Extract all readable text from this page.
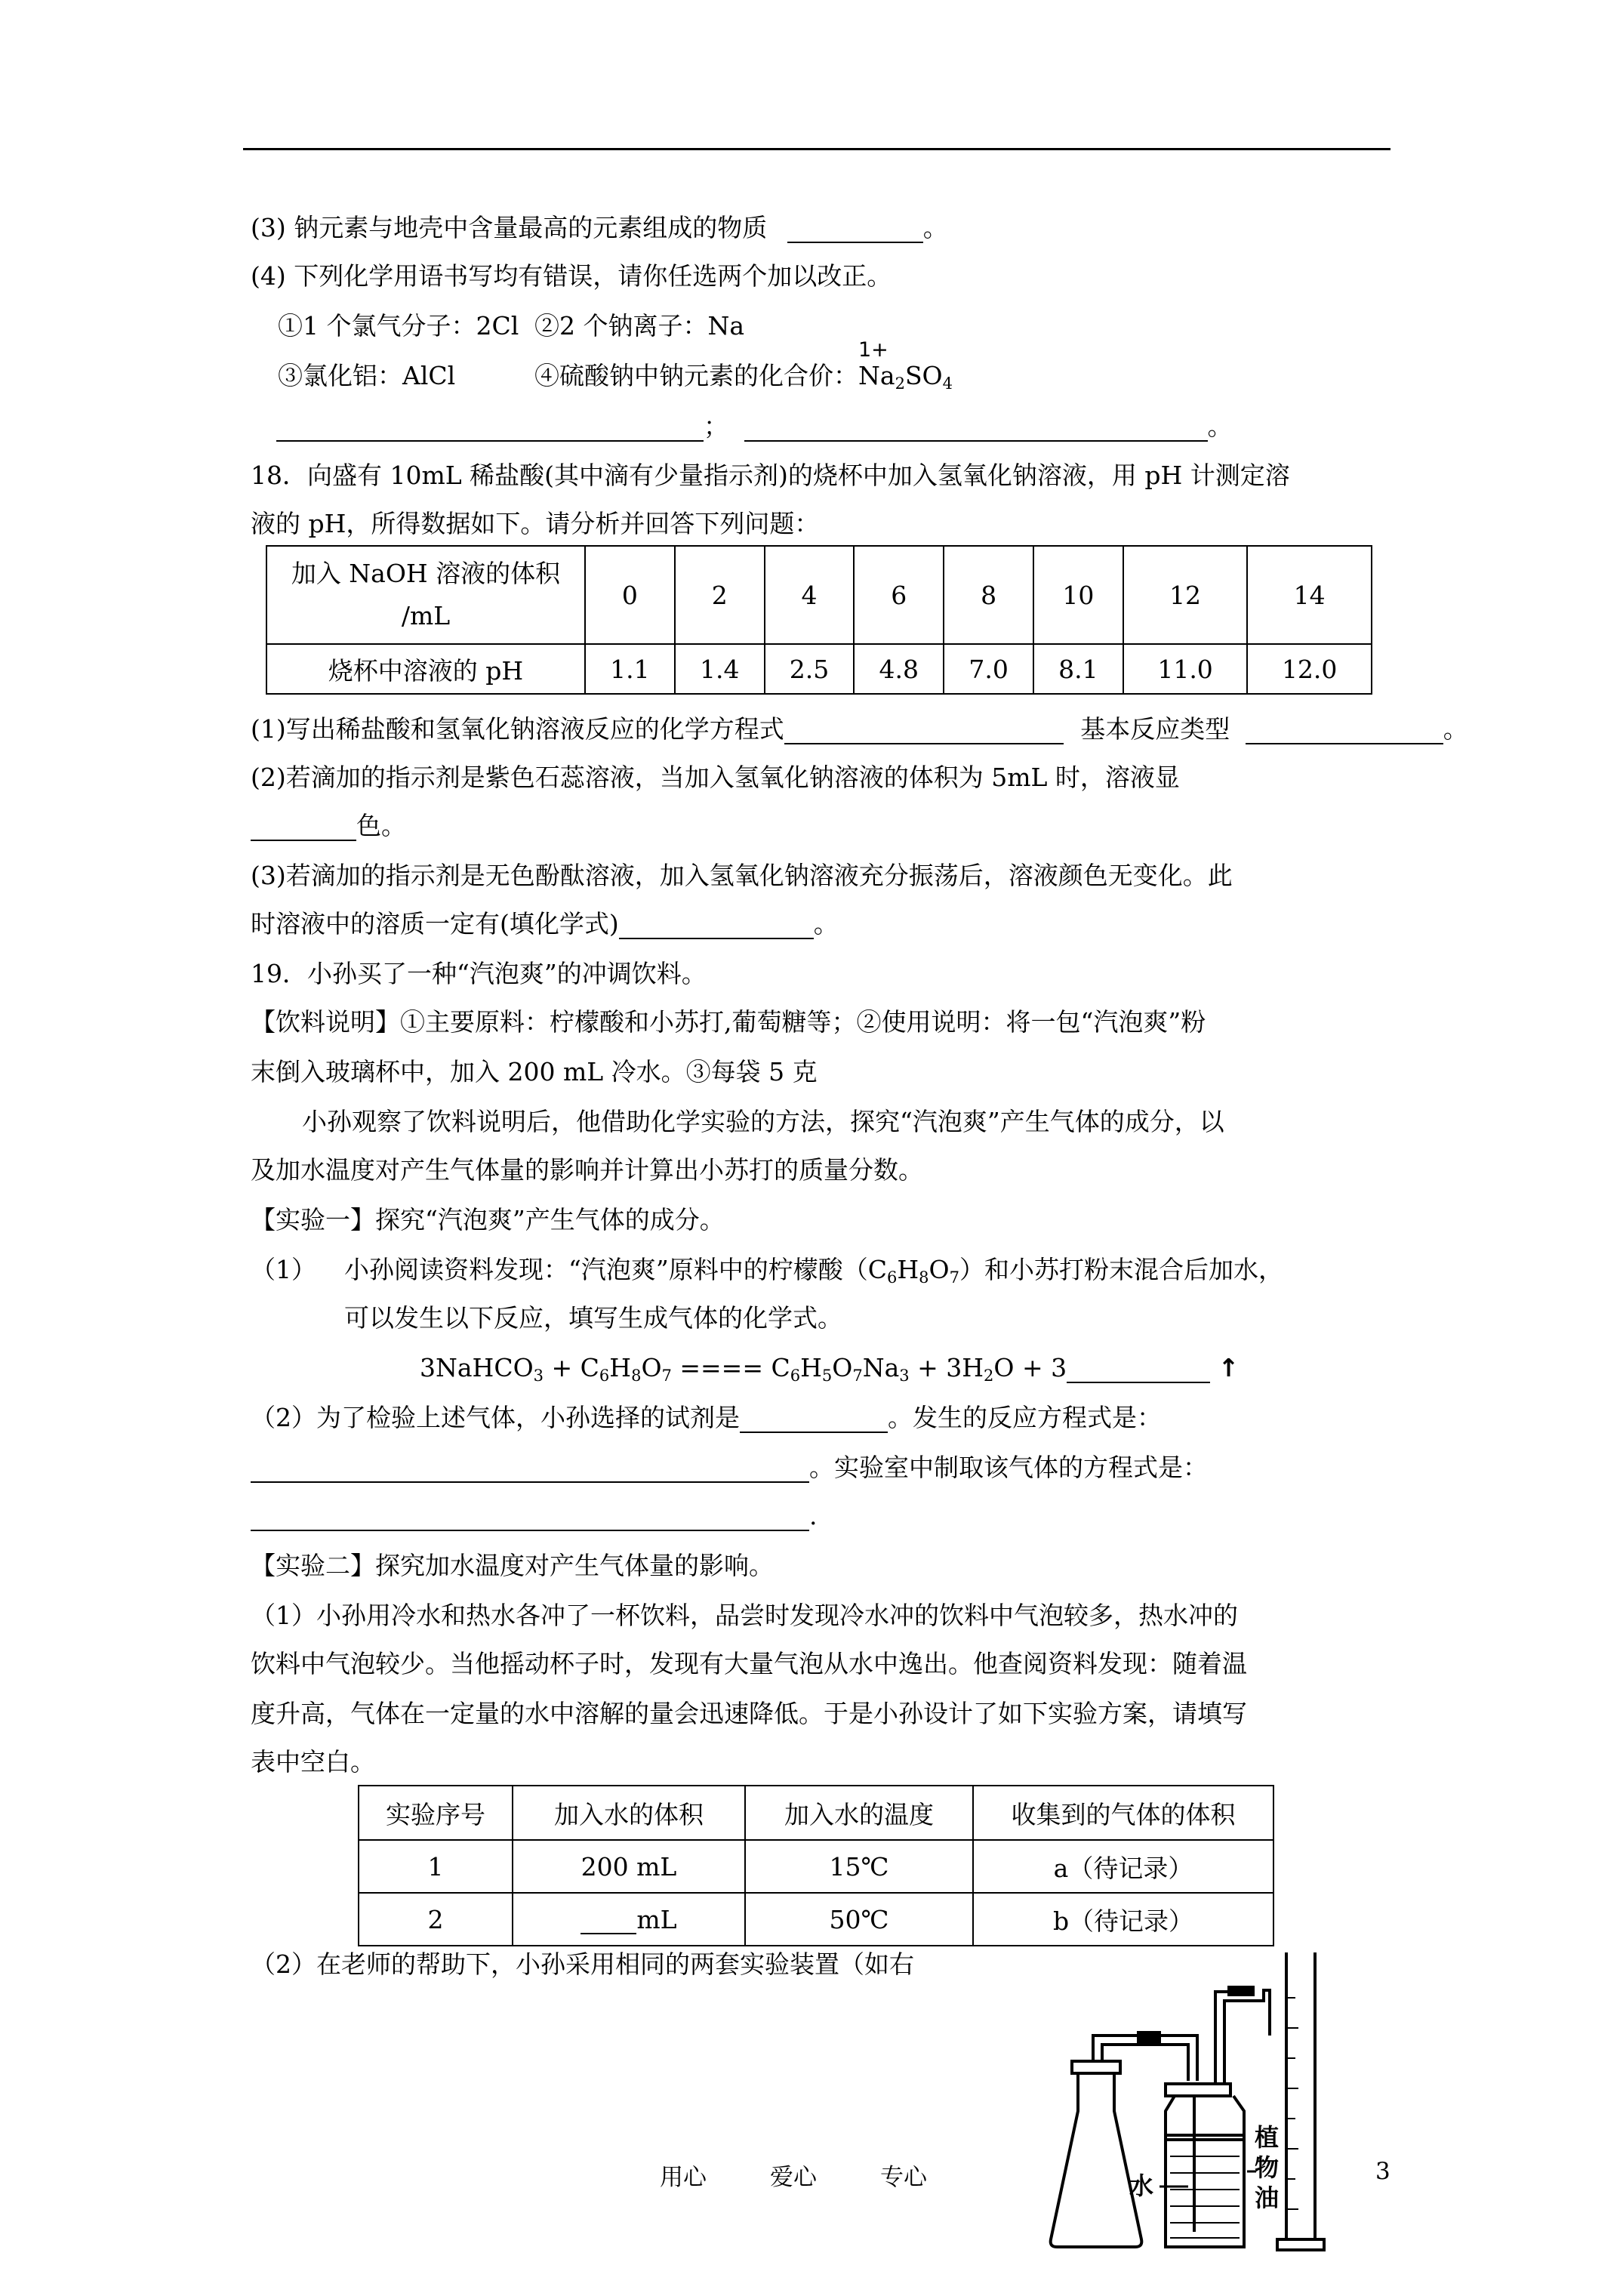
(3) 钠元素与地壳中含量最高的元素组成的物质	。
(4) 下列化学用语书写均有错误，请你任选两个加以改正。
①1 个氯气分子：2Cl ②2 个钠离子：Na
③氯化铝：AlCl	④硫酸钠中钠元素的化合价：
1+
$Na_2SO_4$
；	。
18．向盛有 10mL 稀盐酸(其中滴有少量指示剂)的烧杯中加入氢氧化钠溶液，用 pH 计测定溶
液的 pH，所得数据如下。请分析并回答下列问题：
加入 NaOH 溶液的体积
/mL	0	2	4	6	8	10	12	14
烧杯中溶液的 pH	1.1	1.4	2.5	4.8	7.0	8.1	11.0	12.0
(1)写出稀盐酸和氢氧化钠溶液反应的化学方程式	基本反应类型	。
(2)若滴加的指示剂是紫色石蕊溶液，当加入氢氧化钠溶液的体积为 5mL 时，溶液显
色。
(3)若滴加的指示剂是无色酚酞溶液，加入氢氧化钠溶液充分振荡后，溶液颜色无变化。此
时溶液中的溶质一定有(填化学式)	。
19．小孙买了一种“汽泡爽”的冲调饮料。
【饮料说明】①主要原料：柠檬酸和小苏打,葡萄糖等；②使用说明：将一包“汽泡爽”粉
末倒入玻璃杯中，加入 200 mL 冷水。③每袋 5 克
小孙观察了饮料说明后，他借助化学实验的方法，探究“汽泡爽”产生气体的成分，以
及加水温度对产生气体量的影响并计算出小苏打的质量分数。
【实验一】探究“汽泡爽”产生气体的成分。
（1） 小孙阅读资料发现：“汽泡爽”原料中的柠檬酸$(C_6H_8O_7)$和小苏打粉末混合后加水，
可以发生以下反应，填写生成气体的化学式。
3NaHCO$_3$ + $C_6H_8O_7$ ==== $C_6H_5O_7Na_3 + 3H_2O + 3$	↑
（2）为了检验上述气体，小孙选择的试剂是	。发生的反应方程式是：
。实验室中制取该气体的方程式是：
.
【实验二】探究加水温度对产生气体量的影响。
（1）小孙用冷水和热水各冲了一杯饮料，品尝时发现冷水冲的饮料中气泡较多，热水冲的
饮料中气泡较少。当他摇动杯子时，发现有大量气泡从水中逸出。他查阅资料发现：随着温
度升高，气体在一定量的水中溶解的量会迅速降低。于是小孙设计了如下实验方案，请填写
表中空白。
实验序号	加入水的体积	加入水的温度	收集到的气体的体积
1	200 mL	15℃	a（待记录）
2	mL	50℃	b（待记录）
（2）在老师的帮助下，小孙采用相同的两套实验装置（如右
植
物
油
水
用心	爱心	专心	3
